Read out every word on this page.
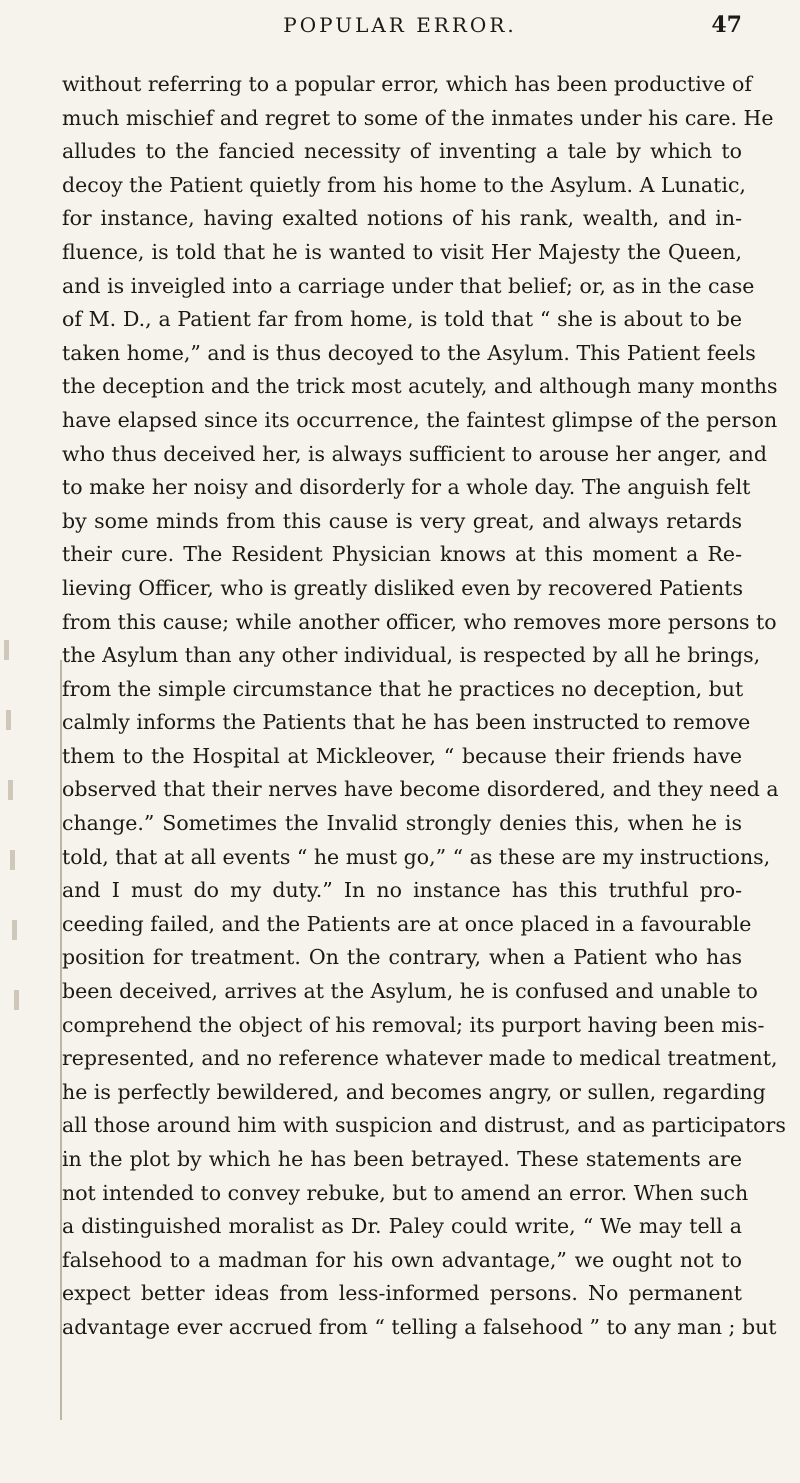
POPULAR ERROR.	47
without referring to a popular error, which has been productive of
much mischief and regret to some of the inmates under his care. He
alludes to the fancied necessity of inventing a tale by which to
decoy the Patient quietly from his home to the Asylum. A Lunatic,
for instance, having exalted notions of his rank, wealth, and in-
fluence, is told that he is wanted to visit Her Majesty the Queen,
and is inveigled into a carriage under that belief; or, as in the case
of M. D., a Patient far from home, is told that “ she is about to be
taken home,” and is thus decoyed to the Asylum. This Patient feels
the deception and the trick most acutely, and although many months
have elapsed since its occurrence, the faintest glimpse of the person
who thus deceived her, is always sufficient to arouse her anger, and
to make her noisy and disorderly for a whole day. The anguish felt
by some minds from this cause is very great, and always retards
their cure. The Resident Physician knows at this moment a Re-
lieving Officer, who is greatly disliked even by recovered Patients
from this cause; while another officer, who removes more persons to
the Asylum than any other individual, is respected by all he brings,
from the simple circumstance that he practices no deception, but
calmly informs the Patients that he has been instructed to remove
them to the Hospital at Mickleover, “ because their friends have
observed that their nerves have become disordered, and they need a
change.” Sometimes the Invalid strongly denies this, when he is
told, that at all events “ he must go,” “ as these are my instructions,
and I must do my duty.” In no instance has this truthful pro-
ceeding failed, and the Patients are at once placed in a favourable
position for treatment. On the contrary, when a Patient who has
been deceived, arrives at the Asylum, he is confused and unable to
comprehend the object of his removal; its purport having been mis-
represented, and no reference whatever made to medical treatment,
he is perfectly bewildered, and becomes angry, or sullen, regarding
all those around him with suspicion and distrust, and as participators
in the plot by which he has been betrayed. These statements are
not intended to convey rebuke, but to amend an error. When such
a distinguished moralist as Dr. Paley could write, “ We may tell a
falsehood to a madman for his own advantage,” we ought not to
expect better ideas from less-informed persons. No permanent
advantage ever accrued from “ telling a falsehood ” to any man ; but
